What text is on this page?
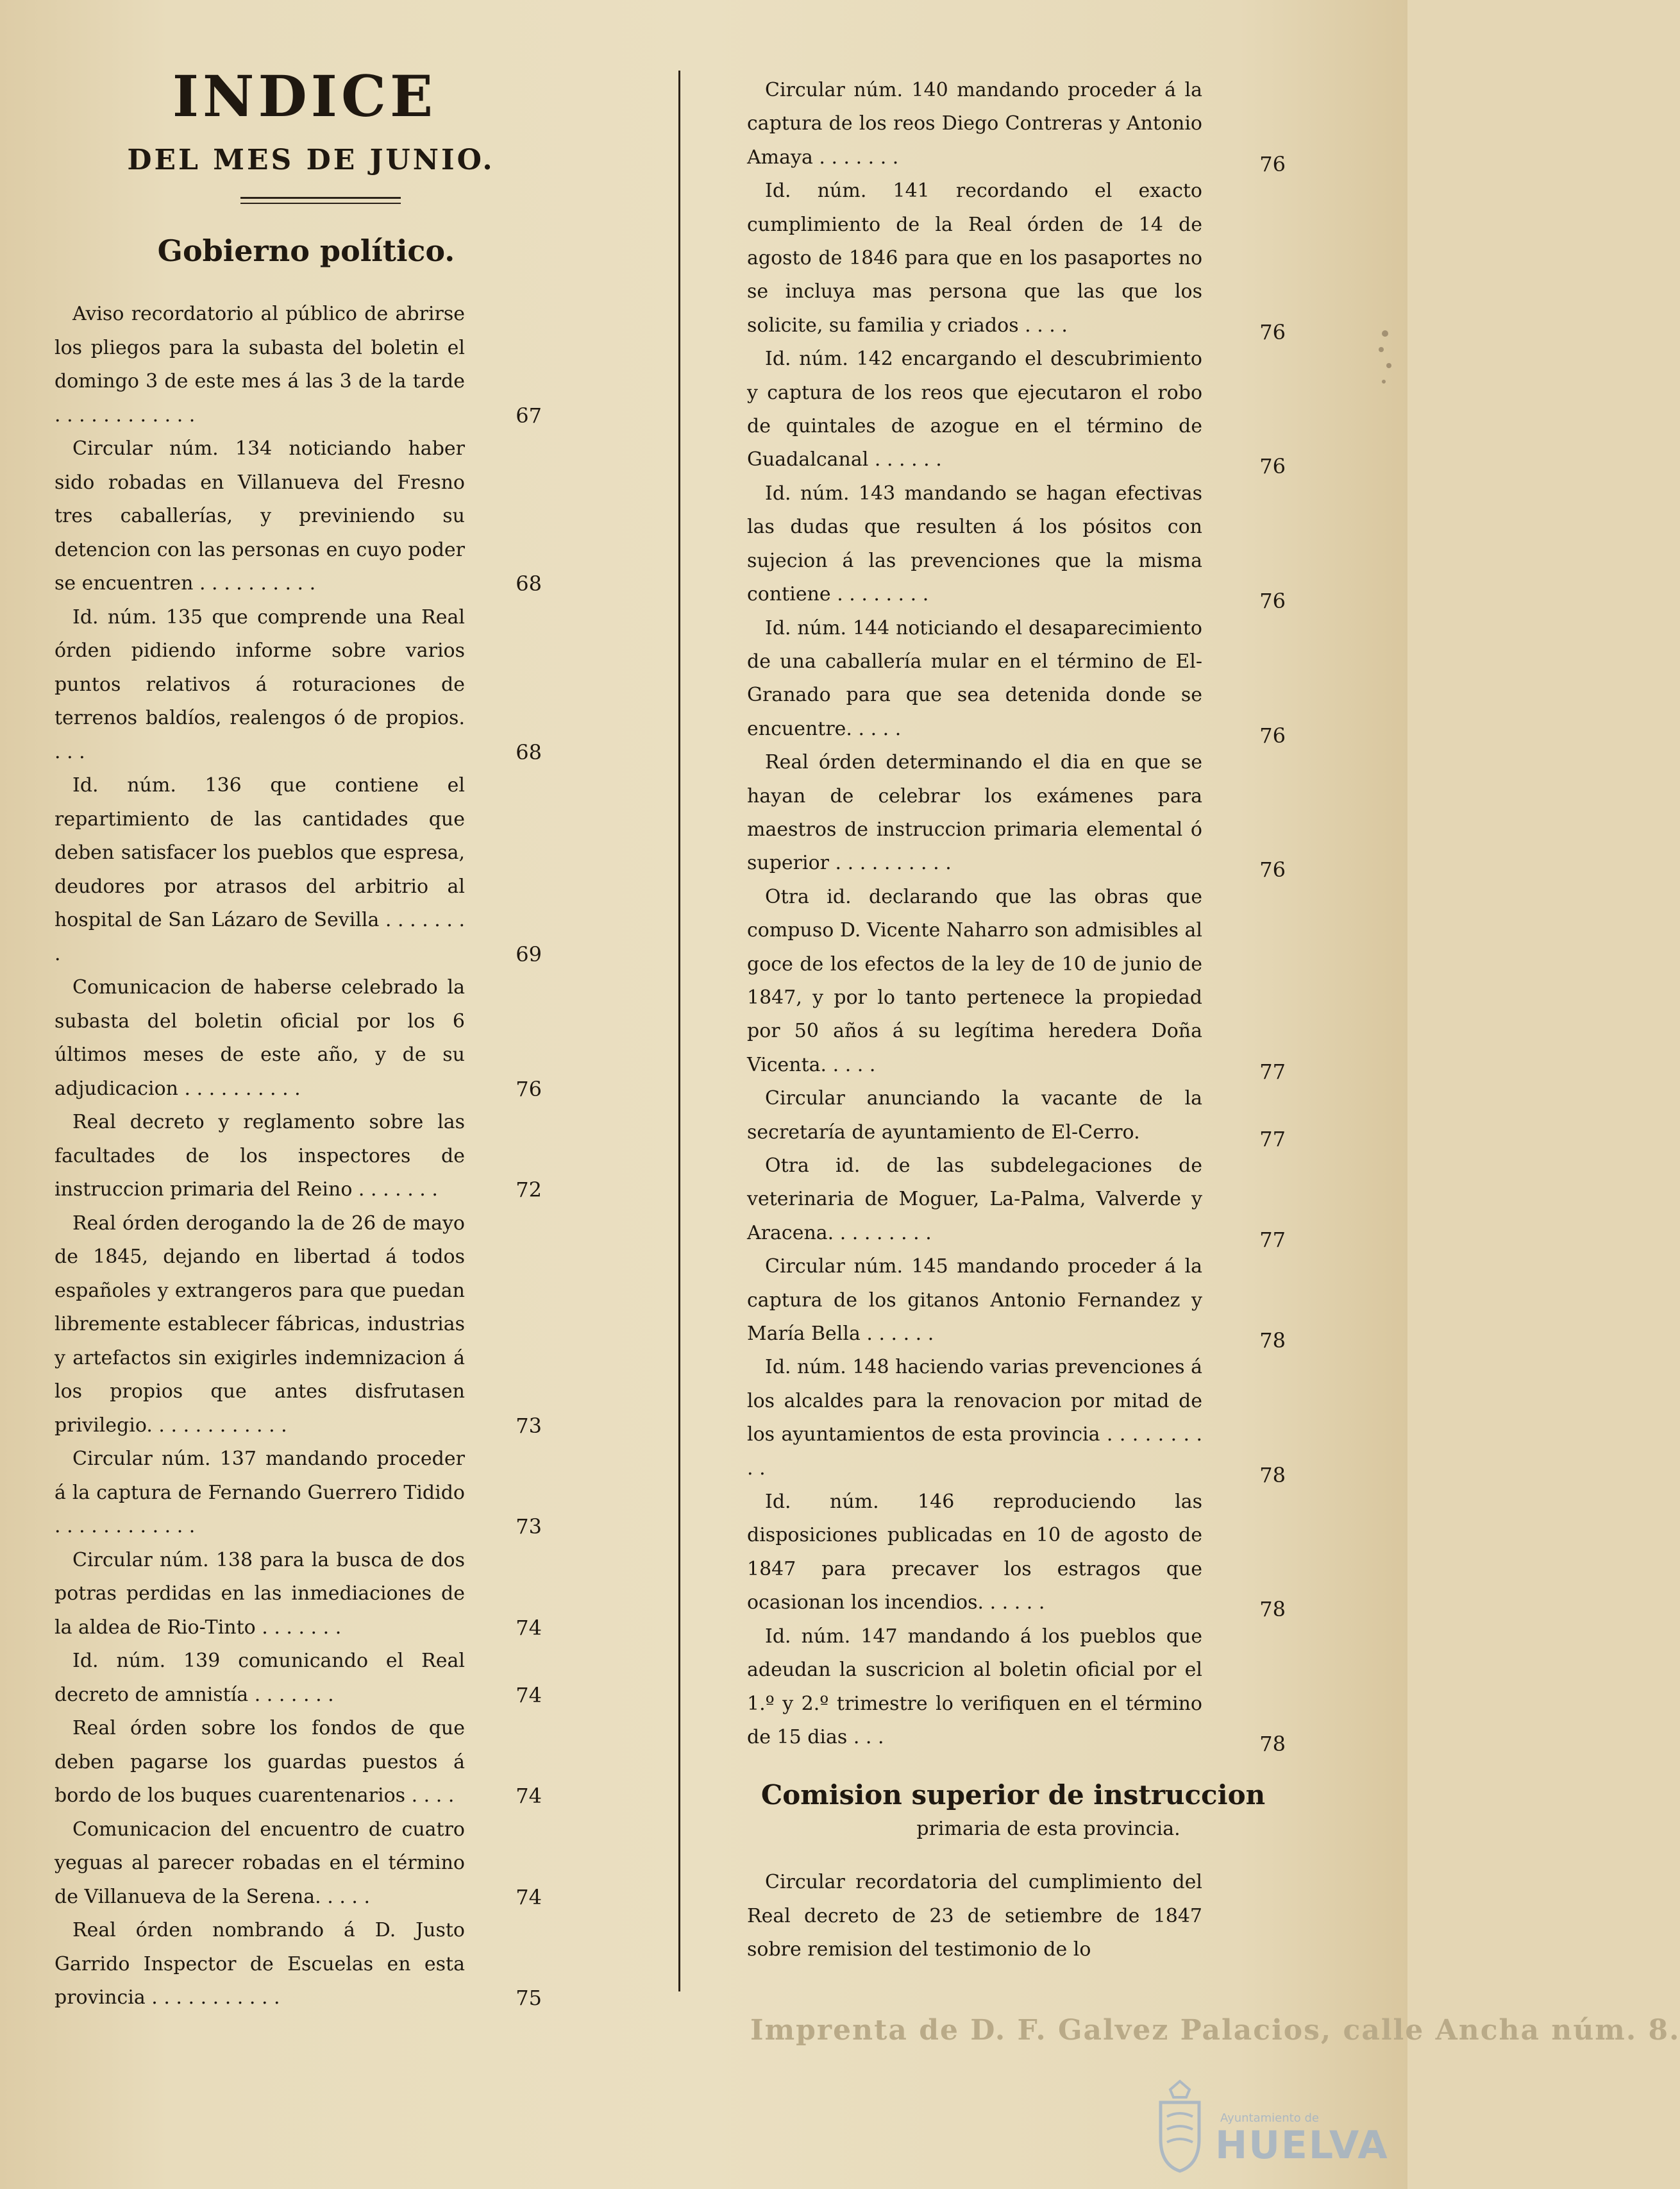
INDICE
DEL MES DE JUNIO.
Gobierno político.

Aviso recordatorio al público de abrirse los pliegos para la subasta del boletin el domingo 3 de este mes á las 3 de la tarde . . . . . . . . . . . .	67

Circular núm. 134 noticiando haber sido robadas en Villanueva del Fresno tres caballerías, y previniendo su detencion con las personas en cuyo poder se encuentren . . . . . . . . . .	68

Id. núm. 135 que comprende una Real órden pidiendo informe sobre varios puntos relativos á roturaciones de terrenos baldíos, realengos ó de propios. . . .	68

Id. núm. 136 que contiene el repartimiento de las cantidades que deben satisfacer los pueblos que espresa, deudores por atrasos del arbitrio al hospital de San Lázaro de Sevilla . . . . . . . .	69

Comunicacion de haberse celebrado la subasta del boletin oficial por los 6 últimos meses de este año, y de su adjudicacion . . . . . . . . . .	76

Real decreto y reglamento sobre las facultades de los inspectores de instruccion primaria del Reino . . . . . . .	72

Real órden derogando la de 26 de mayo de 1845, dejando en libertad á todos españoles y extrangeros para que puedan libremente establecer fábricas, industrias y artefactos sin exigirles indemnizacion á los propios que antes disfrutasen privilegio. . . . . . . . . . . .	73

Circular núm. 137 mandando proceder á la captura de Fernando Guerrero Tidido . . . . . . . . . . . .	73

Circular núm. 138 para la busca de dos potras perdidas en las inmediaciones de la aldea de Rio-Tinto . . . . . . .	74

Id. núm. 139 comunicando el Real decreto de amnistía . . . . . . .	74

Real órden sobre los fondos de que deben pagarse los guardas puestos á bordo de los buques cuarentenarios . . . .	74

Comunicacion del encuentro de cuatro yeguas al parecer robadas en el término de Villanueva de la Serena. . . . .	74

Real órden nombrando á D. Justo Garrido Inspector de Escuelas en esta provincia . . . . . . . . . . .	75

Circular núm. 140 mandando proceder á la captura de los reos Diego Contreras y Antonio Amaya . . . . . . .	76

Id. núm. 141 recordando el exacto cumplimiento de la Real órden de 14 de agosto de 1846 para que en los pasaportes no se incluya mas persona que las que los solicite, su familia y criados . . . .	76

Id. núm. 142 encargando el descubrimiento y captura de los reos que ejecutaron el robo de quintales de azogue en el término de Guadalcanal . . . . . .	76

Id. núm. 143 mandando se hagan efectivas las dudas que resulten á los pósitos con sujecion á las prevenciones que la misma contiene . . . . . . . .	76

Id. núm. 144 noticiando el desaparecimiento de una caballería mular en el término de El-Granado para que sea detenida donde se encuentre. . . . .	76

Real órden determinando el dia en que se hayan de celebrar los exámenes para maestros de instruccion primaria elemental ó superior . . . . . . . . . .	76

Otra id. declarando que las obras que compuso D. Vicente Naharro son admisibles al goce de los efectos de la ley de 10 de junio de 1847, y por lo tanto pertenece la propiedad por 50 años á su legítima heredera Doña Vicenta. . . . .	77

Circular anunciando la vacante de la secretaría de ayuntamiento de El-Cerro.	77

Otra id. de las subdelegaciones de veterinaria de Moguer, La-Palma, Valverde y Aracena. . . . . . . . .	77

Circular núm. 145 mandando proceder á la captura de los gitanos Antonio Fernandez y María Bella . . . . . .	78

Id. núm. 148 haciendo varias prevenciones á los alcaldes para la renovacion por mitad de los ayuntamientos de esta provincia . . . . . . . . . .	78

Id. núm. 146 reproduciendo las disposiciones publicadas en 10 de agosto de 1847 para precaver los estragos que ocasionan los incendios. . . . . .	78

Id. núm. 147 mandando á los pueblos que adeudan la suscricion al boletin oficial por el 1.º y 2.º trimestre lo verifiquen en el término de 15 dias . . .	78
Comision superior de instruccion
primaria de esta provincia.

Circular recordatoria del cumplimiento del Real decreto de 23 de setiembre de 1847 sobre remision del testimonio de lo

Imprenta de D. F. Galvez Palacios, calle Ancha núm. 8.
Ayuntamiento de
HUELVA
